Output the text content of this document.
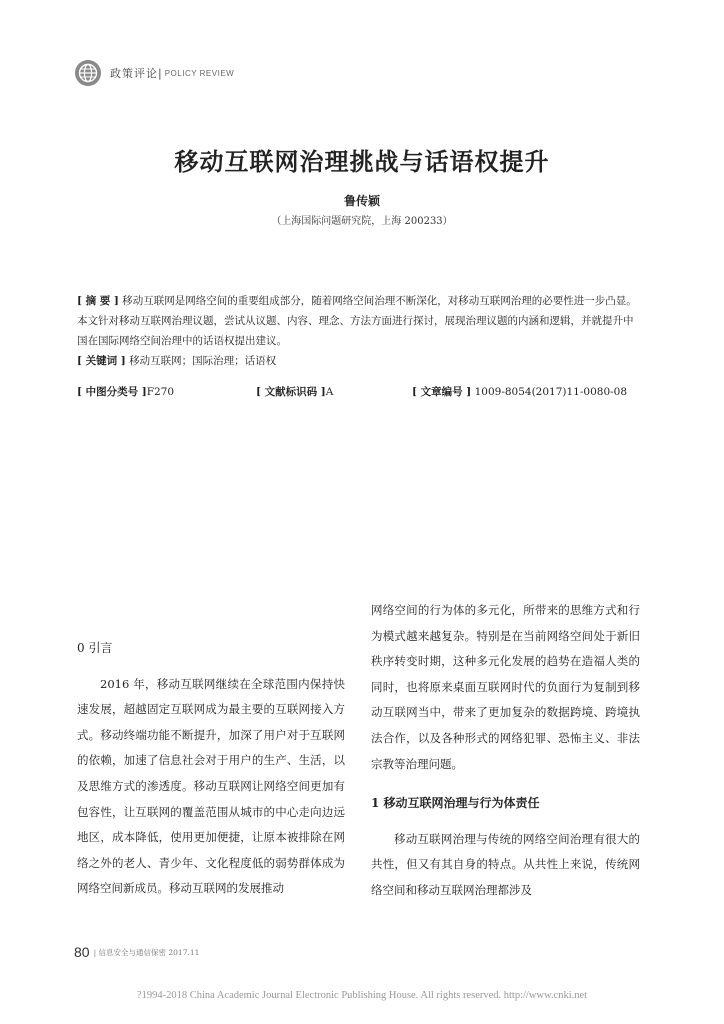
政策评论| POLICY REVIEW
移动互联网治理挑战与话语权提升
鲁传颖
（上海国际问题研究院，上海 200233）

[ 摘 要 ] 移动互联网是网络空间的重要组成部分，随着网络空间治理不断深化，对移动互联网治理的必要性进一步凸显。本文针对移动互联网治理议题，尝试从议题、内容、理念、方法方面进行探讨，展现治理议题的内涵和逻辑，并就提升中国在国际网络空间治理中的话语权提出建议。

[ 关键词 ] 移动互联网；国际治理；话语权

[ 中图分类号 ]F270	[ 文献标识码 ]A	[ 文章编号 ] 1009-8054(2017)11-0080-08
0 引言

2016 年，移动互联网继续在全球范围内保持快速发展，超越固定互联网成为最主要的互联网接入方式。移动终端功能不断提升，加深了用户对于互联网的依赖，加速了信息社会对于用户的生产、生活，以及思维方式的渗透度。移动互联网让网络空间更加有包容性，让互联网的覆盖范围从城市的中心走向边远地区，成本降低，使用更加便捷，让原本被排除在网络之外的老人、青少年、文化程度低的弱势群体成为网络空间新成员。移动互联网的发展推动

网络空间的行为体的多元化，所带来的思维方式和行为模式越来越复杂。特别是在当前网络空间处于新旧秩序转变时期，这种多元化发展的趋势在造福人类的同时，也将原来桌面互联网时代的负面行为复制到移动互联网当中，带来了更加复杂的数据跨境、跨境执法合作，以及各种形式的网络犯罪、恐怖主义、非法宗教等治理问题。

1 移动互联网治理与行为体责任

移动互联网治理与传统的网络空间治理有很大的共性，但又有其自身的特点。从共性上来说，传统网络空间和移动互联网治理都涉及

80 | 信息安全与通信保密 2017.11
?1994-2018 China Academic Journal Electronic Publishing House. All rights reserved. http://www.cnki.net
